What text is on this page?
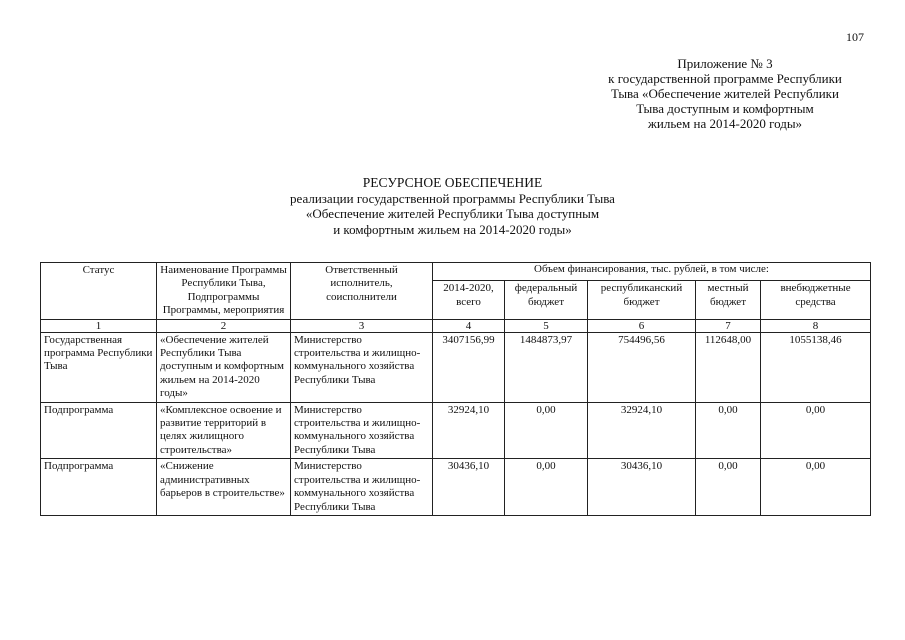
107
Приложение № 3
к государственной программе Республики
Тыва «Обеспечение жителей Республики
Тыва доступным и комфортным
жильем на 2014-2020 годы»
РЕСУРСНОЕ ОБЕСПЕЧЕНИЕ
реализации государственной программы Республики Тыва
«Обеспечение жителей Республики Тыва доступным
и комфортным жильем на 2014-2020 годы»
Статус	Наименование Программы Республики Тыва, Подпрограммы Программы, мероприятия	Ответственный исполнитель, соисполнители	Объем финансирования, тыс. рублей, в том числе:				
			2014-2020, всего	федеральный бюджет	республиканский бюджет	местный бюджет	внебюджетные средства
1	2	3	4	5	6	7	8
Государственная программа Республики Тыва	«Обеспечение жителей Республики Тыва доступным и комфортным жильем на 2014-2020 годы»	Министерство строительства и жилищно-коммунального хозяйства Республики Тыва	3407156,99	1484873,97	754496,56	112648,00	1055138,46
Подпрограмма	«Комплексное освоение и развитие территорий в целях жилищного строительства»	Министерство строительства и жилищно-коммунального хозяйства Республики Тыва	32924,10	0,00	32924,10	0,00	0,00
Подпрограмма	«Снижение административных барьеров в строительстве»	Министерство строительства и жилищно-коммунального хозяйства Республики Тыва	30436,10	0,00	30436,10	0,00	0,00
